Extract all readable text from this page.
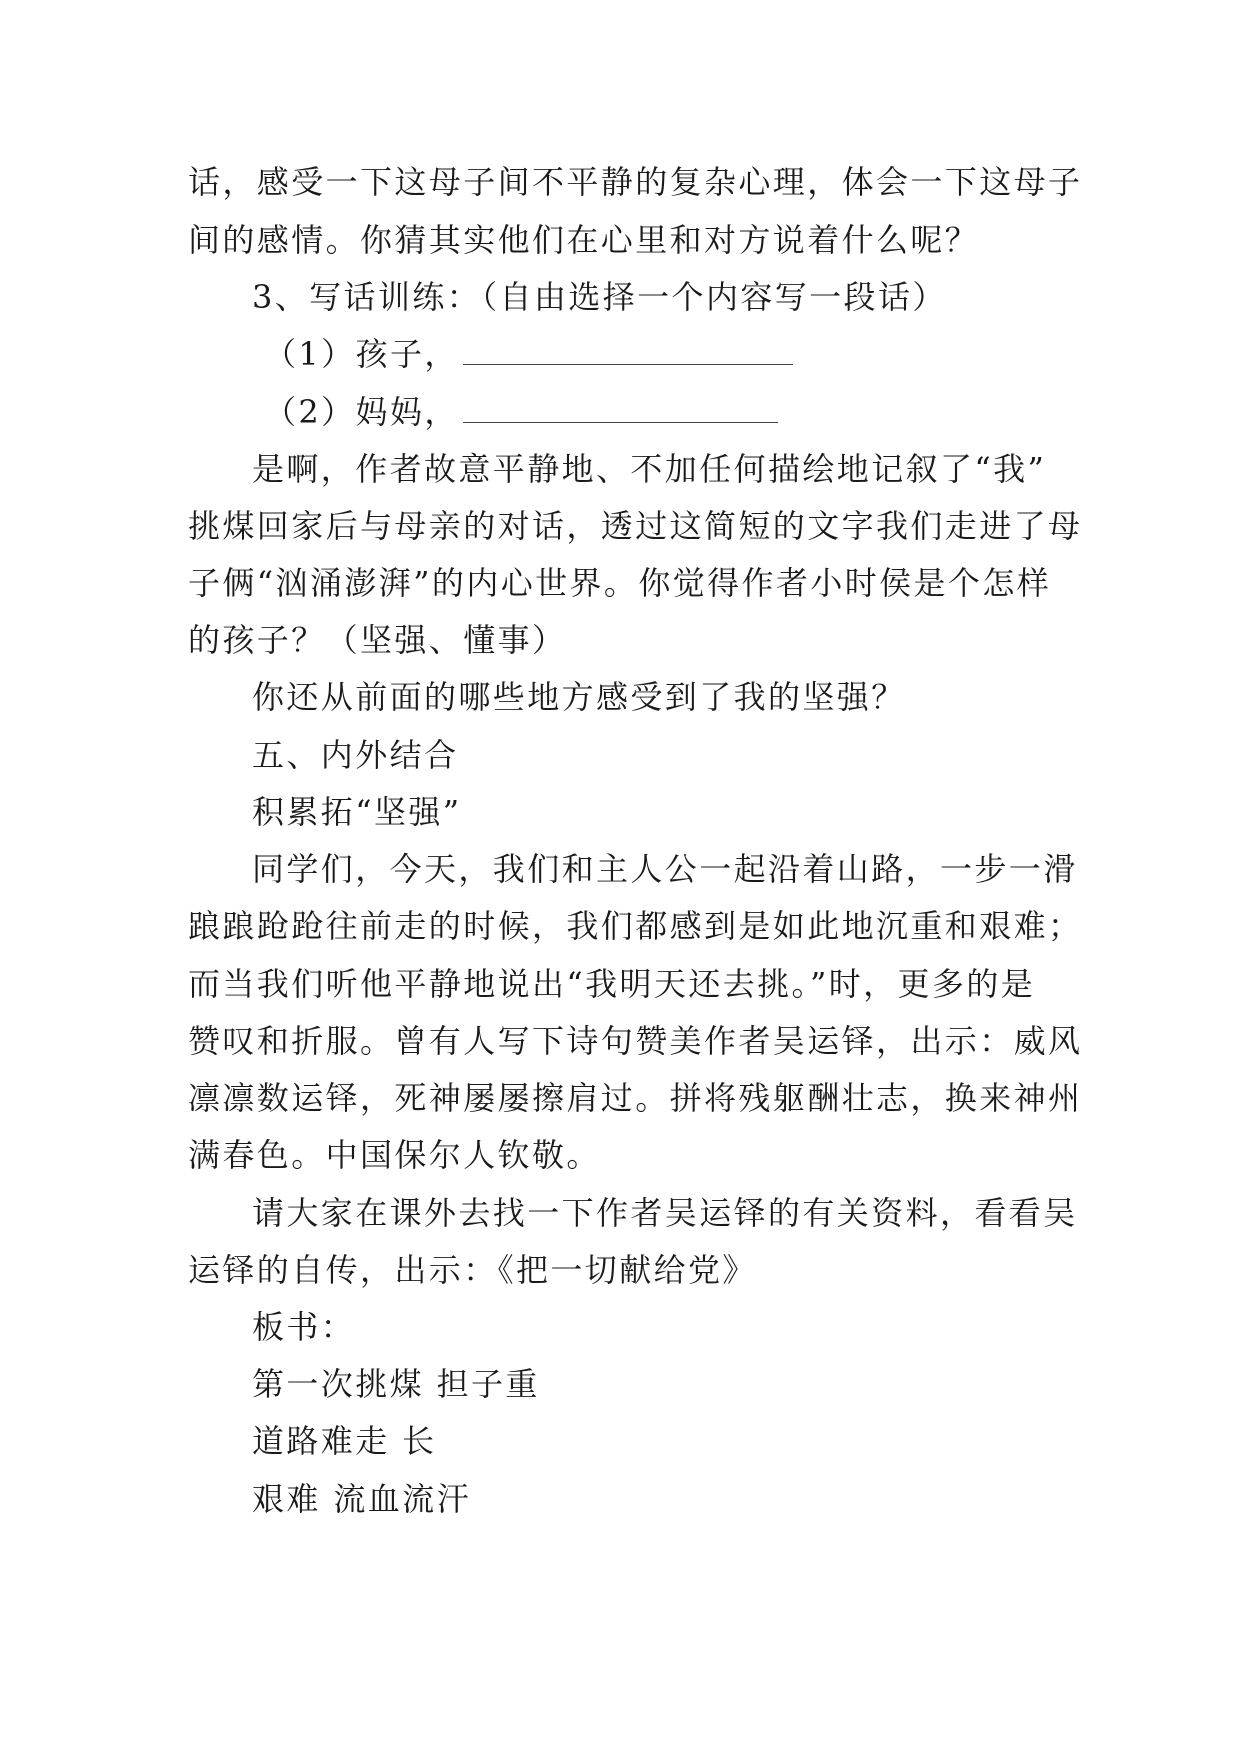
话，感受一下这母子间不平静的复杂心理，体会一下这母子
间的感情。你猜其实他们在心里和对方说着什么呢？
3、写话训练：（自由选择一个内容写一段话）
（1）孩子，
（2）妈妈，
是啊，作者故意平静地、不加任何描绘地记叙了“我”
挑煤回家后与母亲的对话，透过这简短的文字我们走进了母
子俩“汹涌澎湃”的内心世界。你觉得作者小时侯是个怎样
的孩子？（坚强、懂事）
你还从前面的哪些地方感受到了我的坚强？
五、内外结合
积累拓“坚强”
同学们，今天，我们和主人公一起沿着山路，一步一滑
踉踉跄跄往前走的时候，我们都感到是如此地沉重和艰难；
而当我们听他平静地说出“我明天还去挑。”时，更多的是
赞叹和折服。曾有人写下诗句赞美作者吴运铎，出示：威风
凛凛数运铎，死神屡屡擦肩过。拼将残躯酬壮志，换来神州
满春色。中国保尔人钦敬。
请大家在课外去找一下作者吴运铎的有关资料，看看吴
运铎的自传，出示：《把一切献给党》
板书：
第一次挑煤 担子重
道路难走 长
艰难 流血流汗
